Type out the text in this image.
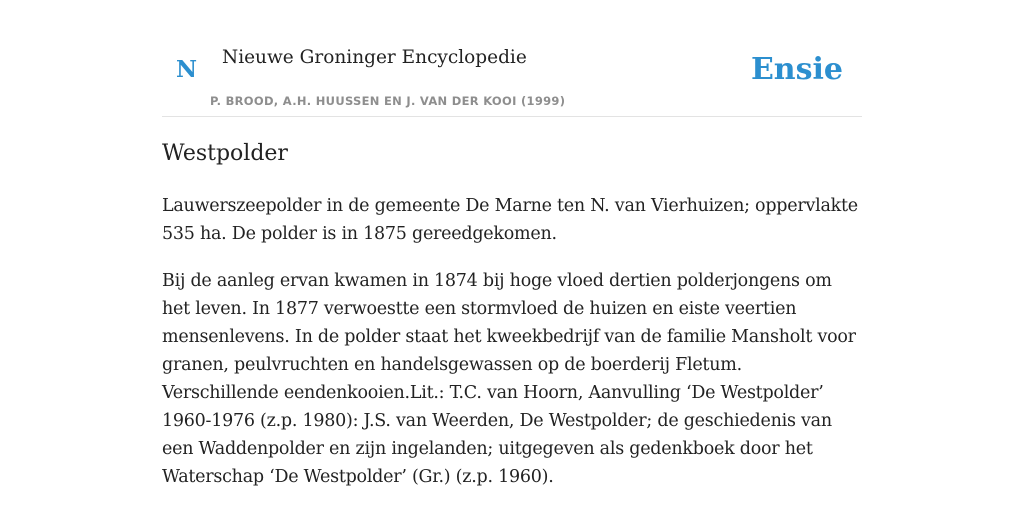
N Nieuwe Groninger Encyclopedie
P. BROOD, A.H. HUUSSEN EN J. VAN DER KOOI (1999)
Ensie
Westpolder

Lauwerszeepolder in de gemeente De Marne ten N. van Vierhuizen; oppervlakte 535 ha. De polder is in 1875 gereedgekomen.

Bij de aanleg ervan kwamen in 1874 bij hoge vloed dertien polderjongens om het leven. In 1877 verwoestte een stormvloed de huizen en eiste veertien mensenlevens. In de polder staat het kweekbedrijf van de familie Mansholt voor granen, peulvruchten en handelsgewassen op de boerderij Fletum. Verschillende eendenkooien.Lit.: T.C. van Hoorn, Aanvulling ‘De Westpolder’ 1960-1976 (z.p. 1980): J.S. van Weerden, De Westpolder; de geschiedenis van een Waddenpolder en zijn ingelanden; uitgegeven als gedenkboek door het Waterschap ‘De Westpolder’ (Gr.) (z.p. 1960).
